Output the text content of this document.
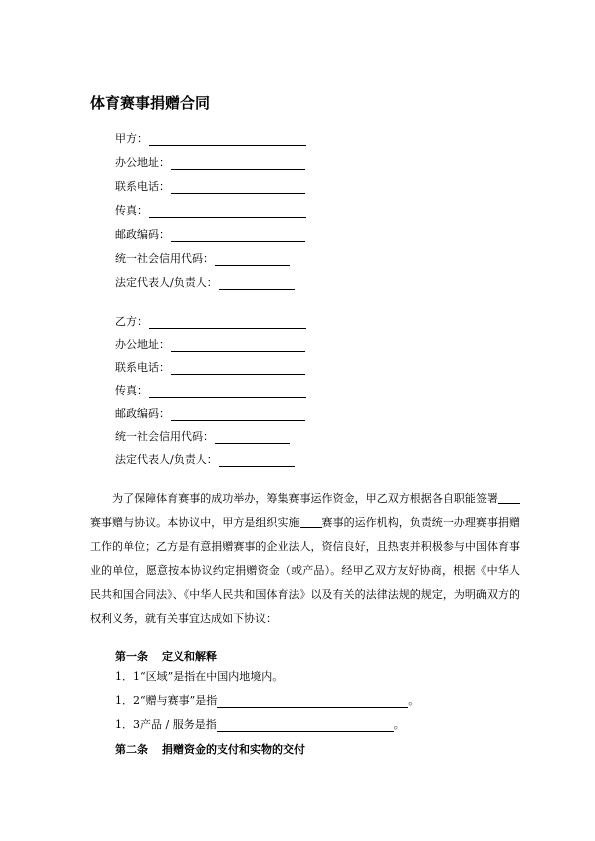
体育赛事捐赠合同
甲方：
办公地址：
联系电话：
传真：
邮政编码：
统一社会信用代码：
法定代表人/负责人：
乙方：
办公地址：
联系电话：
传真：
邮政编码：
统一社会信用代码：
法定代表人/负责人：
为了保障体育赛事的成功举办，筹集赛事运作资金，甲乙双方根据各自职能签署赛事赠与协议。本协议中，甲方是组织实施 赛事的运作机构，负责统一办理赛事捐赠工作的单位；乙方是有意捐赠赛事的企业法人，资信良好，且热衷并积极参与中国体育事业的单位，愿意按本协议约定捐赠资金（或产品）。经甲乙双方友好协商，根据《中华人民共和国合同法》、《中华人民共和国体育法》以及有关的法律法规的规定，为明确双方的权利义务，就有关事宜达成如下协议：
第一条 定义和解释
1．1“区域”是指在中国内地境内。
1．2“赠与赛事”是指	。
1．3产品 / 服务是指	。
第二条 捐赠资金的支付和实物的交付
